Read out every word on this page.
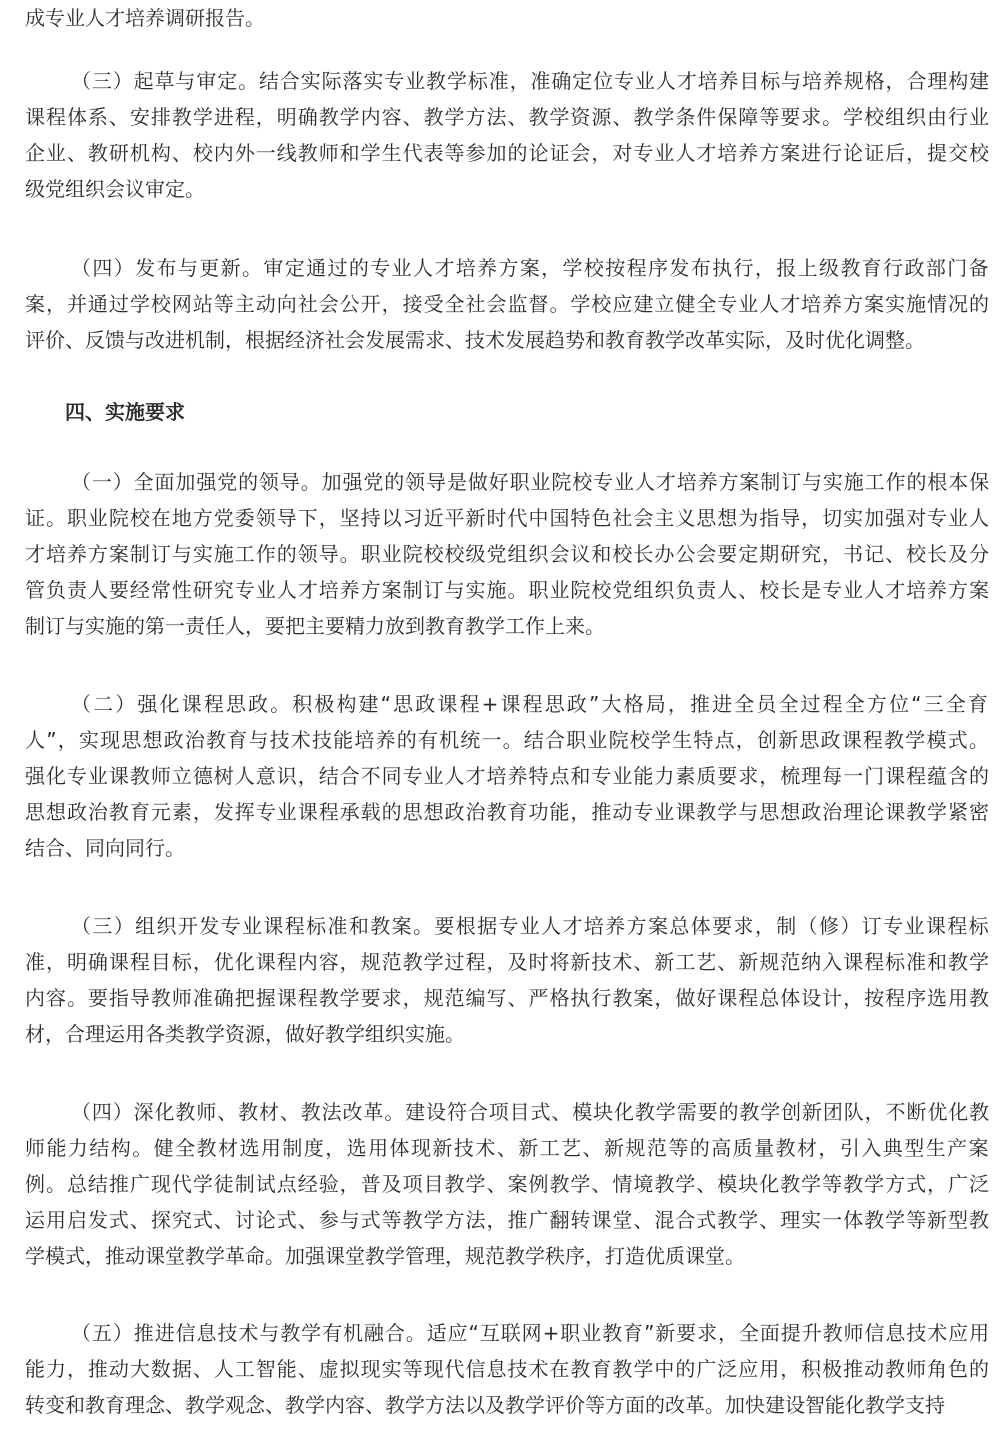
成专业人才培养调研报告。
（三）起草与审定。结合实际落实专业教学标准，准确定位专业人才培养目标与培养规格，合理构建
课程体系、安排教学进程，明确教学内容、教学方法、教学资源、教学条件保障等要求。学校组织由行业
企业、教研机构、校内外一线教师和学生代表等参加的论证会，对专业人才培养方案进行论证后，提交校
级党组织会议审定。
（四）发布与更新。审定通过的专业人才培养方案，学校按程序发布执行，报上级教育行政部门备
案，并通过学校网站等主动向社会公开，接受全社会监督。学校应建立健全专业人才培养方案实施情况的
评价、反馈与改进机制，根据经济社会发展需求、技术发展趋势和教育教学改革实际，及时优化调整。
四、实施要求
（一）全面加强党的领导。加强党的领导是做好职业院校专业人才培养方案制订与实施工作的根本保
证。职业院校在地方党委领导下，坚持以习近平新时代中国特色社会主义思想为指导，切实加强对专业人
才培养方案制订与实施工作的领导。职业院校校级党组织会议和校长办公会要定期研究，书记、校长及分
管负责人要经常性研究专业人才培养方案制订与实施。职业院校党组织负责人、校长是专业人才培养方案
制订与实施的第一责任人，要把主要精力放到教育教学工作上来。
（二）强化课程思政。积极构建“思政课程+课程思政”大格局，推进全员全过程全方位“三全育
人”，实现思想政治教育与技术技能培养的有机统一。结合职业院校学生特点，创新思政课程教学模式。
强化专业课教师立德树人意识，结合不同专业人才培养特点和专业能力素质要求，梳理每一门课程蕴含的
思想政治教育元素，发挥专业课程承载的思想政治教育功能，推动专业课教学与思想政治理论课教学紧密
结合、同向同行。
（三）组织开发专业课程标准和教案。要根据专业人才培养方案总体要求，制（修）订专业课程标
准，明确课程目标，优化课程内容，规范教学过程，及时将新技术、新工艺、新规范纳入课程标准和教学
内容。要指导教师准确把握课程教学要求，规范编写、严格执行教案，做好课程总体设计，按程序选用教
材，合理运用各类教学资源，做好教学组织实施。
（四）深化教师、教材、教法改革。建设符合项目式、模块化教学需要的教学创新团队，不断优化教
师能力结构。健全教材选用制度，选用体现新技术、新工艺、新规范等的高质量教材，引入典型生产案
例。总结推广现代学徒制试点经验，普及项目教学、案例教学、情境教学、模块化教学等教学方式，广泛
运用启发式、探究式、讨论式、参与式等教学方法，推广翻转课堂、混合式教学、理实一体教学等新型教
学模式，推动课堂教学革命。加强课堂教学管理，规范教学秩序，打造优质课堂。
（五）推进信息技术与教学有机融合。适应“互联网+职业教育”新要求，全面提升教师信息技术应用
能力，推动大数据、人工智能、虚拟现实等现代信息技术在教育教学中的广泛应用，积极推动教师角色的
转变和教育理念、教学观念、教学内容、教学方法以及教学评价等方面的改革。加快建设智能化教学支持
